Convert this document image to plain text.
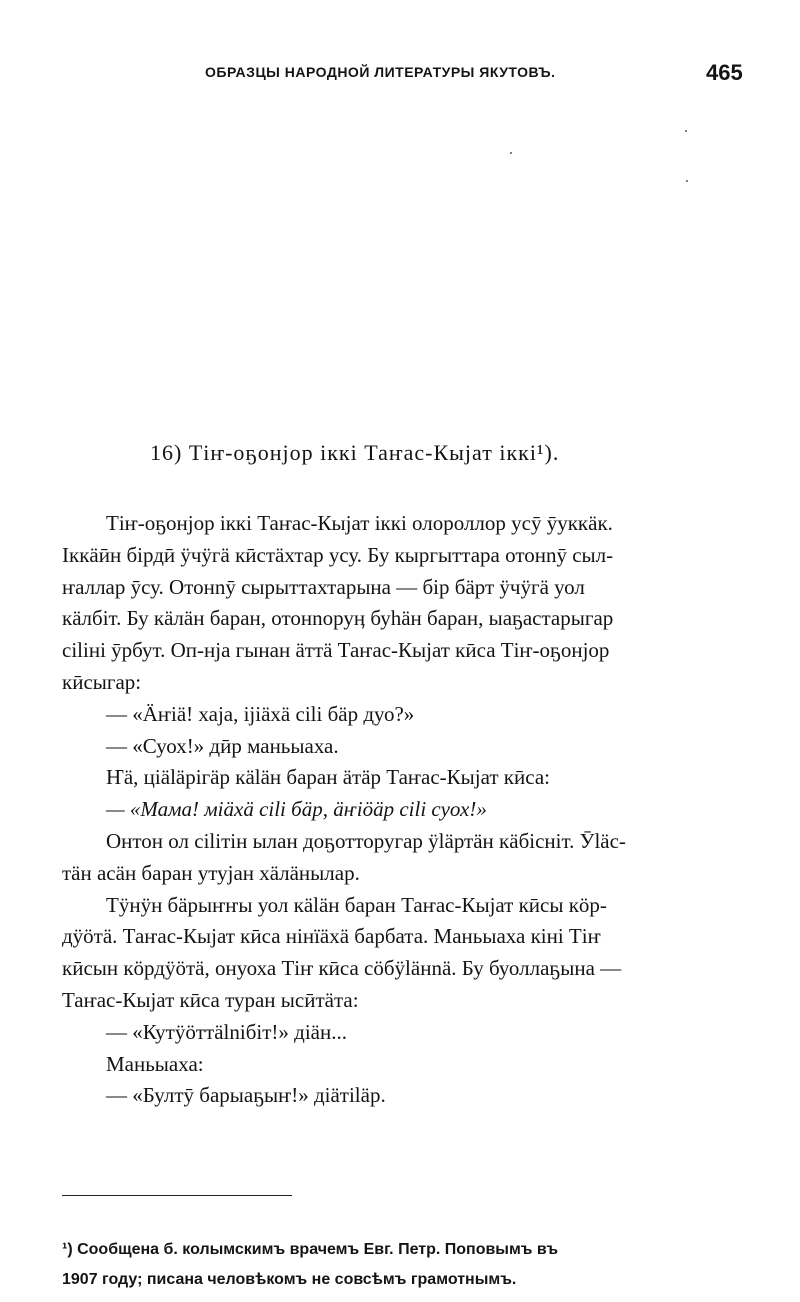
ОБРАЗЦЫ НАРОДНОЙ ЛИТЕРАТУРЫ ЯКУТОВЪ.	465
16) Тіҥ-оҕонjор іккі Таҥас-Кыjат іккі¹).
Тіҥ-оҕонjор іккі Таҥас-Кыjат іккі олороллор усӯ ӯуккӓк.
Іккӓӣн бірдӣ ӱчӱгӓ кӣстӓхтар усу. Бу кыргыттара отонnӯ сыл-
ҥаллар ӯсу. Отонnӯ сырыттахтарына — бір бӓрт ӱчӱгӓ уол
кӓлбіт. Бу кӓлӓн баран, отонnоруӊ буһӓн баран, ыаҕастарыгар
сіlіні ӯрбут. Оп-нjа гынан ӓттӓ Таҥас-Кыjат кӣса Тіҥ-оҕонjор
кӣсыгар:
— «Ӓҥіӓ! хаjа, іjіӓхӓ сіlі бӓр дуо?»
— «Суох!» дӣр маньыаха.
Ҥӓ, ціӓlӓрігӓр кӓlӓн баран ӓтӓр Таҥас-Кыjат кӣса:
— «Мама! міӓхӓ сіlі бӓр, ӓҥіӧӓр сіlі суох!»
Онтон ол сіlітін ылан доҕотторугар ӱlӓртӓн кӓбісніт. Ӯlӓс-
тӓн асӓн баран утуjан хӓлӓнылар.
Тӱнӱн бӓрыҥҥы уол кӓlӓн баран Таҥас-Кыjат кӣсы кӧр-
дӱӧтӓ. Таҥас-Кыjат кӣса нінїӓхӓ барбата. Маньыаха кіні Тіҥ
кӣсын кӧрдӱӧтӓ, онуоха Тіҥ кӣса сӧбӱlӓнnӓ. Бу буоллаҕына —
Таҥас-Кыjат кӣса туран ысӣтӓта:
— «Кутӱӧттӓlnібіт!» діӓн...
Маньыаха:
— «Бултӯ барыаҕыҥ!» діӓтіlӓр.
¹) Сообщена б. колымскимъ врачемъ Евг. Петр. Поповымъ въ
1907 году; писана человѣкомъ не совсѣмъ грамотнымъ.
